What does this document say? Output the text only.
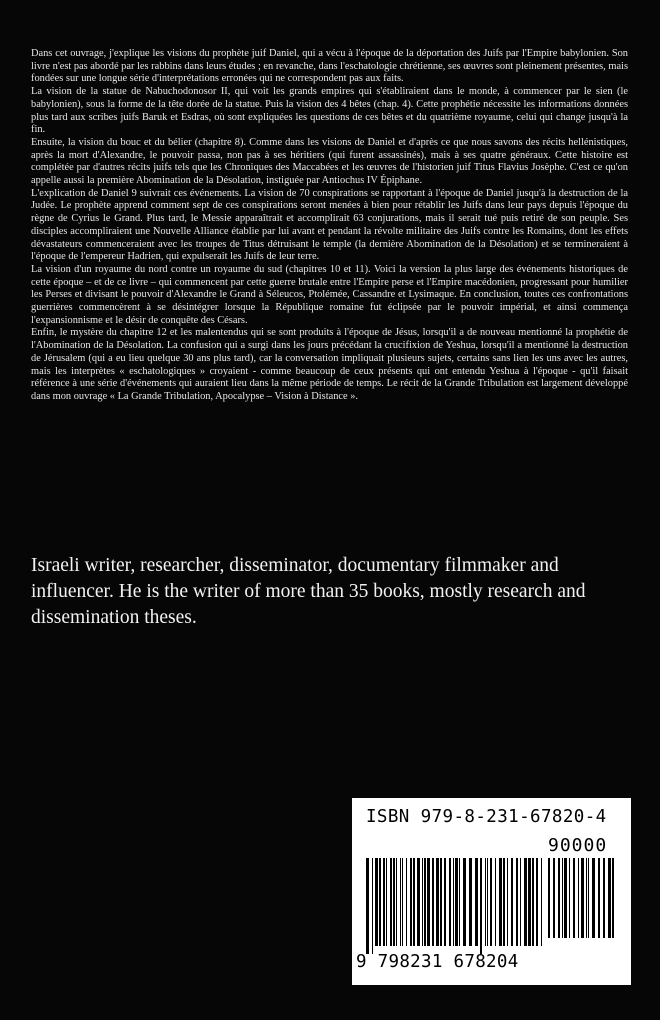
Dans cet ouvrage, j'explique les visions du prophète juif Daniel, qui a vécu à l'époque de la déportation des Juifs par l'Empire babylonien. Son livre n'est pas abordé par les rabbins dans leurs études ; en revanche, dans l'eschatologie chrétienne, ses œuvres sont pleinement présentes, mais fondées sur une longue série d'interprétations erronées qui ne correspondent pas aux faits.

La vision de la statue de Nabuchodonosor II, qui voit les grands empires qui s'établiraient dans le monde, à commencer par le sien (le babylonien), sous la forme de la tête dorée de la statue. Puis la vision des 4 bêtes (chap. 4). Cette prophétie nécessite les informations données plus tard aux scribes juifs Baruk et Esdras, où sont expliquées les questions de ces bêtes et du quatrième royaume, celui qui change jusqu'à la fin.

Ensuite, la vision du bouc et du bélier (chapitre 8). Comme dans les visions de Daniel et d'après ce que nous savons des récits hellénistiques, après la mort d'Alexandre, le pouvoir passa, non pas à ses héritiers (qui furent assassinés), mais à ses quatre généraux. Cette histoire est complétée par d'autres récits juifs tels que les Chroniques des Maccabées et les œuvres de l'historien juif Titus Flavius Josèphe. C'est ce qu'on appelle aussi la première Abomination de la Désolation, instiguée par Antiochus IV Épiphane.

L'explication de Daniel 9 suivrait ces événements. La vision de 70 conspirations se rapportant à l'époque de Daniel jusqu'à la destruction de la Judée. Le prophète apprend comment sept de ces conspirations seront menées à bien pour rétablir les Juifs dans leur pays depuis l'époque du règne de Cyrius le Grand. Plus tard, le Messie apparaîtrait et accomplirait 63 conjurations, mais il serait tué puis retiré de son peuple. Ses disciples accompliraient une Nouvelle Alliance établie par lui avant et pendant la révolte militaire des Juifs contre les Romains, dont les effets dévastateurs commenceraient avec les troupes de Titus détruisant le temple (la dernière Abomination de la Désolation) et se termineraient à l'époque de l'empereur Hadrien, qui expulserait les Juifs de leur terre.

La vision d'un royaume du nord contre un royaume du sud (chapitres 10 et 11). Voici la version la plus large des événements historiques de cette époque – et de ce livre – qui commencent par cette guerre brutale entre l'Empire perse et l'Empire macédonien, progressant pour humilier les Perses et divisant le pouvoir d'Alexandre le Grand à Séleucos, Ptolémée, Cassandre et Lysimaque. En conclusion, toutes ces confrontations guerrières commencèrent à se désintégrer lorsque la République romaine fut éclipsée par le pouvoir impérial, et ainsi commença l'expansionnisme et le désir de conquête des Césars.

Enfin, le mystère du chapitre 12 et les malentendus qui se sont produits à l'époque de Jésus, lorsqu'il a de nouveau mentionné la prophétie de l'Abomination de la Désolation. La confusion qui a surgi dans les jours précédant la crucifixion de Yeshua, lorsqu'il a mentionné la destruction de Jérusalem (qui a eu lieu quelque 30 ans plus tard), car la conversation impliquait plusieurs sujets, certains sans lien les uns avec les autres, mais les interprètes « eschatologiques » croyaient - comme beaucoup de ceux présents qui ont entendu Yeshua à l'époque - qu'il faisait référence à une série d'événements qui auraient lieu dans la même période de temps. Le récit de la Grande Tribulation est largement développé dans mon ouvrage « La Grande Tribulation, Apocalypse – Vision à Distance ».

Israeli writer, researcher, disseminator, documentary filmmaker and influencer. He is the writer of more than 35 books, mostly research and dissemination theses.

ISBN 979-8-231-67820-4
90000
9 798231 678204
